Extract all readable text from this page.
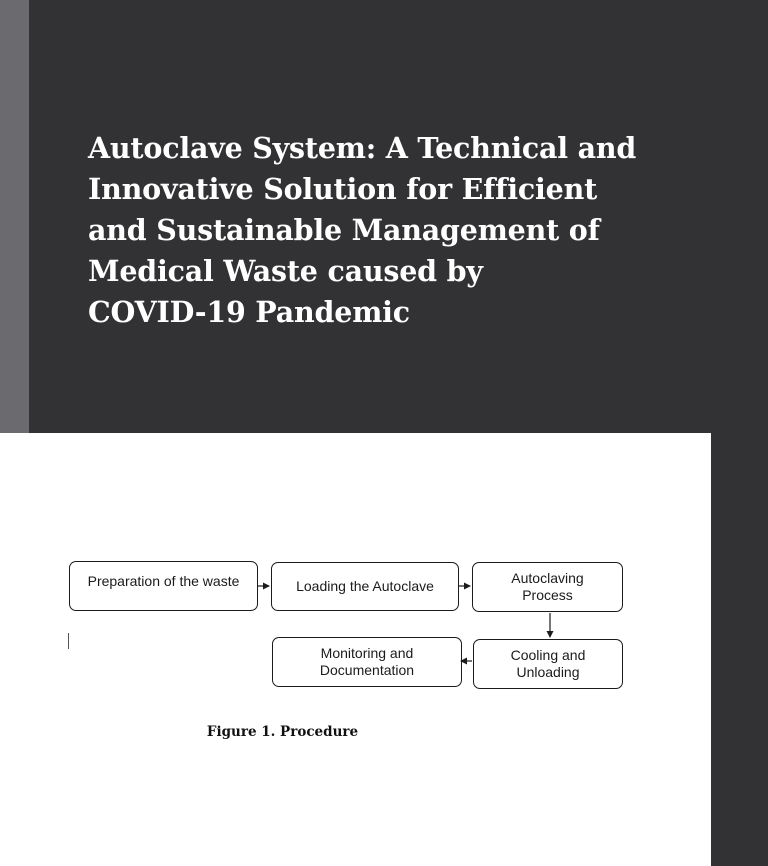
Autoclave System: A Technical and
Innovative Solution for Efficient
and Sustainable Management of
Medical Waste caused by
COVID-19 Pandemic
Preparation of the waste	Loading the Autoclave	Autoclaving
Process
Cooling and
Unloading
Monitoring and
Documentation
Figure 1. Procedure
